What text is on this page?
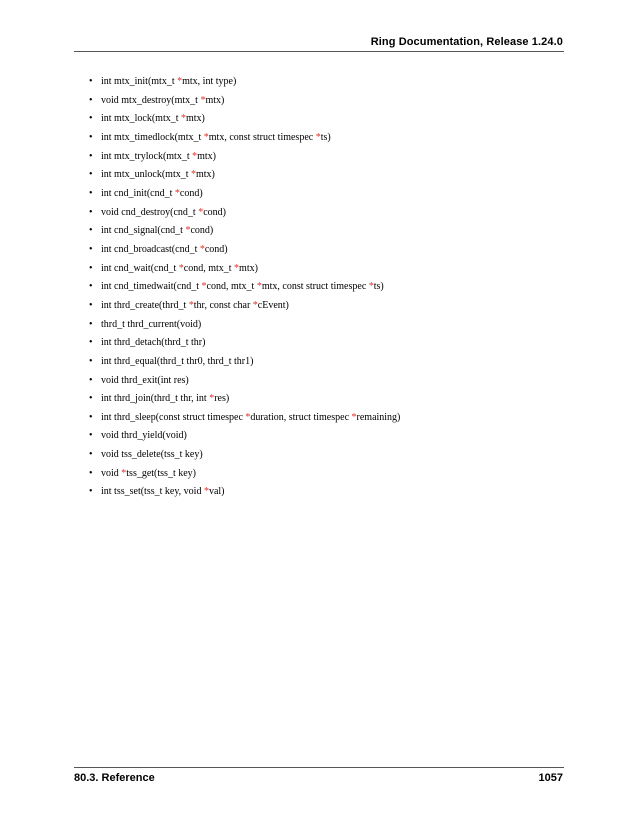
Ring Documentation, Release 1.24.0
• int mtx_init(mtx_t *mtx, int type)
• void mtx_destroy(mtx_t *mtx)
• int mtx_lock(mtx_t *mtx)
• int mtx_timedlock(mtx_t *mtx, const struct timespec *ts)
• int mtx_trylock(mtx_t *mtx)
• int mtx_unlock(mtx_t *mtx)
• int cnd_init(cnd_t *cond)
• void cnd_destroy(cnd_t *cond)
• int cnd_signal(cnd_t *cond)
• int cnd_broadcast(cnd_t *cond)
• int cnd_wait(cnd_t *cond, mtx_t *mtx)
• int cnd_timedwait(cnd_t *cond, mtx_t *mtx, const struct timespec *ts)
• int thrd_create(thrd_t *thr, const char *cEvent)
• thrd_t thrd_current(void)
• int thrd_detach(thrd_t thr)
• int thrd_equal(thrd_t thr0, thrd_t thr1)
• void thrd_exit(int res)
• int thrd_join(thrd_t thr, int *res)
• int thrd_sleep(const struct timespec *duration, struct timespec *remaining)
• void thrd_yield(void)
• void tss_delete(tss_t key)
• void *tss_get(tss_t key)
• int tss_set(tss_t key, void *val)
80.3. Reference	1057
